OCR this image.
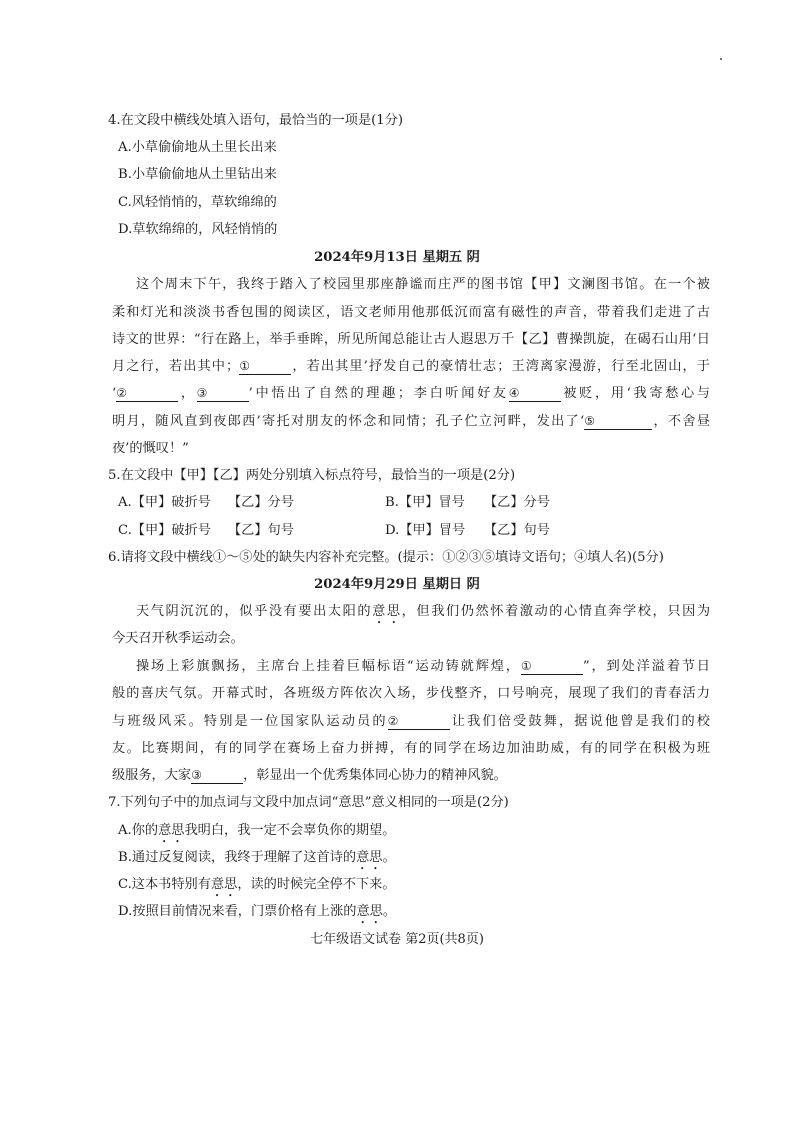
4.在文段中横线处填入语句，最恰当的一项是(1分)
A.小草偷偷地从土里长出来
B.小草偷偷地从土里钻出来
C.风轻悄悄的，草软绵绵的
D.草软绵绵的，风轻悄悄的
2024年9月13日 星期五 阴
这个周末下午，我终于踏入了校园里那座静谧而庄严的图书馆【甲】文澜图书馆。在一个被
柔和灯光和淡淡书香包围的阅读区，语文老师用他那低沉而富有磁性的声音，带着我们走进了古
诗文的世界：“行在路上，举手垂眸，所见所闻总能让古人遐思万千【乙】曹操凯旋，在碣石山用‘日
月之行，若出其中；①	，若出其里’抒发自己的豪情壮志；王湾离家漫游，行至北固山，于
‘②	，③	’中悟出了自然的理趣；李白听闻好友④	被贬，用‘我寄愁心与
明月，随风直到夜郎西’寄托对朋友的怀念和同情；孔子伫立河畔，发出了‘⑤	，不舍昼
夜’的慨叹！”
5.在文段中【甲】【乙】两处分别填入标点符号，最恰当的一项是(2分)
A.【甲】破折号 【乙】分号	B.【甲】冒号 【乙】分号
C.【甲】破折号 【乙】句号	D.【甲】冒号 【乙】句号
6.请将文段中横线①～⑤处的缺失内容补充完整。(提示：①②③⑤填诗文语句；④填人名)(5分)
2024年9月29日 星期日 阴
天气阴沉沉的，似乎没有要出太阳的意思，但我们仍然怀着激动的心情直奔学校，只因为
今天召开秋季运动会。
操场上彩旗飘扬，主席台上挂着巨幅标语“运动铸就辉煌，①	”，到处洋溢着节日
般的喜庆气氛。开幕式时，各班级方阵依次入场，步伐整齐，口号响亮，展现了我们的青春活力
与班级风采。特别是一位国家队运动员的②	让我们倍受鼓舞，据说他曾是我们的校
友。比赛期间，有的同学在赛场上奋力拼搏，有的同学在场边加油助威，有的同学在积极为班
级服务，大家③	，彰显出一个优秀集体同心协力的精神风貌。
7.下列句子中的加点词与文段中加点词“意思”意义相同的一项是(2分)
A.你的意思我明白，我一定不会辜负你的期望。
B.通过反复阅读，我终于理解了这首诗的意思。
C.这本书特别有意思，读的时候完全停不下来。
D.按照目前情况来看，门票价格有上涨的意思。
七年级语文试卷 第2页(共8页)
